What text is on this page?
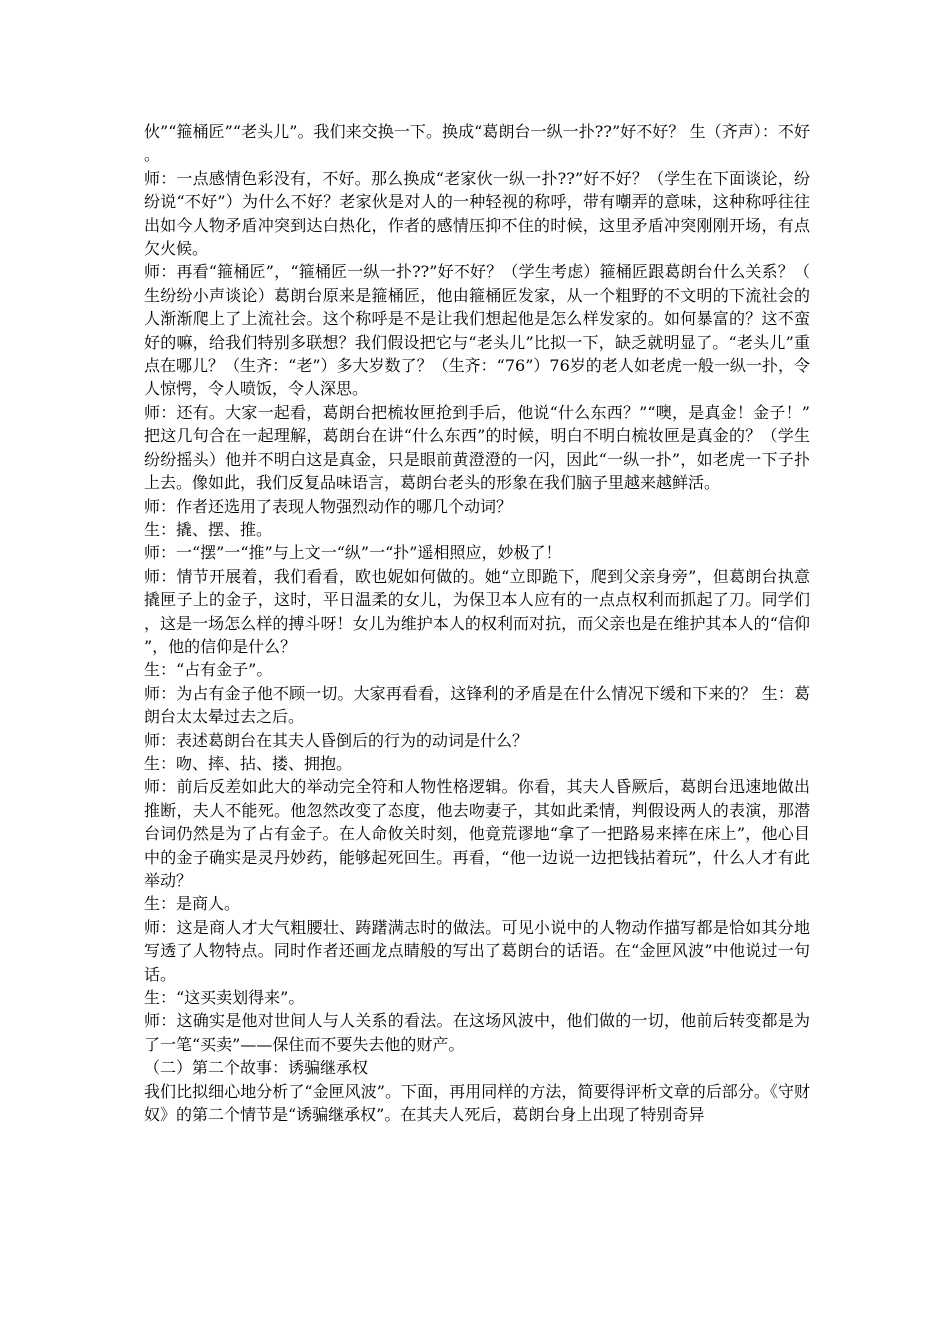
伙”“箍桶匠”“老头儿”。我们来交换一下。换成“葛朗台一纵一扑??”好不好？ 生（齐声）：不好。

师：一点感情色彩没有，不好。那么换成“老家伙一纵一扑??”好不好？（学生在下面谈论，纷纷说“不好”）为什么不好？老家伙是对人的一种轻视的称呼，带有嘲弄的意味，这种称呼往往出如今人物矛盾冲突到达白热化，作者的感情压抑不住的时候，这里矛盾冲突刚刚开场，有点欠火候。

师：再看“箍桶匠”，“箍桶匠一纵一扑??”好不好？（学生考虑）箍桶匠跟葛朗台什么关系？（生纷纷小声谈论）葛朗台原来是箍桶匠，他由箍桶匠发家，从一个粗野的不文明的下流社会的人渐渐爬上了上流社会。这个称呼是不是让我们想起他是怎么样发家的。如何暴富的？这不蛮好的嘛，给我们特别多联想？我们假设把它与“老头儿”比拟一下，缺乏就明显了。“老头儿”重点在哪儿？（生齐：“老”）多大岁数了？（生齐：“76”）76岁的老人如老虎一般一纵一扑，令人惊愕，令人喷饭，令人深思。

师：还有。大家一起看，葛朗台把梳妆匣抢到手后，他说“什么东西？”“噢，是真金！金子！”把这几句合在一起理解，葛朗台在讲“什么东西”的时候，明白不明白梳妆匣是真金的？（学生纷纷摇头）他并不明白这是真金，只是眼前黄澄澄的一闪，因此“一纵一扑”，如老虎一下子扑上去。像如此，我们反复品味语言，葛朗台老头的形象在我们脑子里越来越鲜活。

师：作者还选用了表现人物强烈动作的哪几个动词？

生：撬、摆、推。

师：一“摆”一“推”与上文一“纵”一“扑”遥相照应，妙极了！

师：情节开展着，我们看看，欧也妮如何做的。她“立即跪下，爬到父亲身旁”，但葛朗台执意撬匣子上的金子，这时，平日温柔的女儿，为保卫本人应有的一点点权利而抓起了刀。同学们，这是一场怎么样的搏斗呀！女儿为维护本人的权利而对抗，而父亲也是在维护其本人的“信仰”，他的信仰是什么？

生：“占有金子”。

师：为占有金子他不顾一切。大家再看看，这锋利的矛盾是在什么情况下缓和下来的？ 生：葛朗台太太晕过去之后。

师：表述葛朗台在其夫人昏倒后的行为的动词是什么？

生：吻、摔、拈、搂、拥抱。

师：前后反差如此大的举动完全符和人物性格逻辑。你看，其夫人昏厥后，葛朗台迅速地做出推断，夫人不能死。他忽然改变了态度，他去吻妻子，其如此柔情，判假设两人的表演，那潜台词仍然是为了占有金子。在人命攸关时刻，他竟荒谬地“拿了一把路易来摔在床上”，他心目中的金子确实是灵丹妙药，能够起死回生。再看，“他一边说一边把钱拈着玩”，什么人才有此举动？

生：是商人。

师：这是商人才大气粗腰壮、踌躇满志时的做法。可见小说中的人物动作描写都是恰如其分地写透了人物特点。同时作者还画龙点睛般的写出了葛朗台的话语。在“金匣风波”中他说过一句话。

生：“这买卖划得来”。

师：这确实是他对世间人与人关系的看法。在这场风波中，他们做的一切，他前后转变都是为了一笔“买卖”——保住而不要失去他的财产。

（二）第二个故事：诱骗继承权

我们比拟细心地分析了“金匣风波”。下面，再用同样的方法，简要得评析文章的后部分。《守财奴》的第二个情节是“诱骗继承权”。在其夫人死后，葛朗台身上出现了特别奇异
